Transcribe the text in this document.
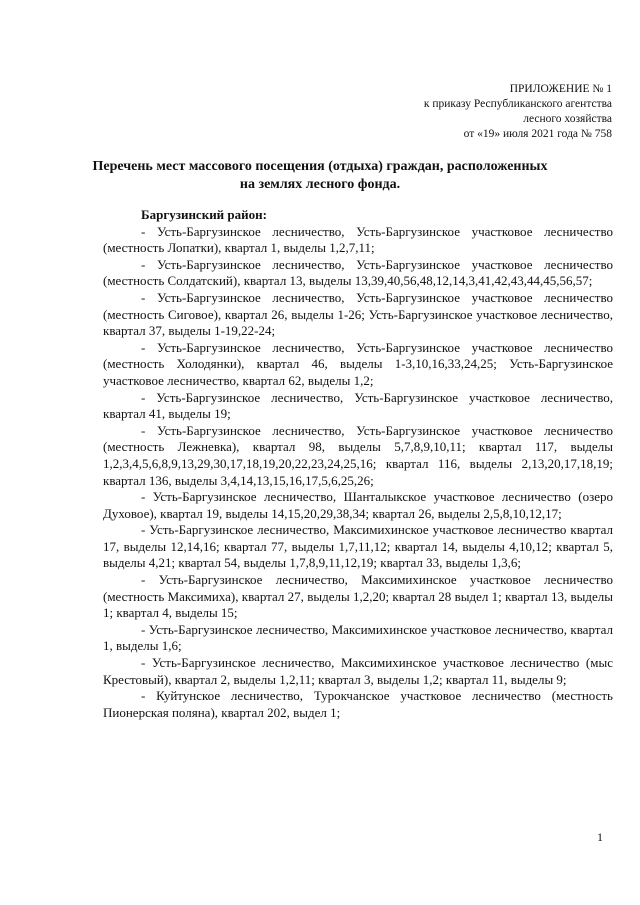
ПРИЛОЖЕНИЕ № 1
к приказу Республиканского агентства
лесного хозяйства
от «19» июля 2021 года № 758
Перечень мест массового посещения (отдыха) граждан, расположенных
на землях лесного фонда.

Баргузинский район:

- Усть-Баргузинское лесничество, Усть-Баргузинское участковое лесничество (местность Лопатки), квартал 1, выделы 1,2,7,11;

- Усть-Баргузинское лесничество, Усть-Баргузинское участковое лесничество (местность Солдатский), квартал 13, выделы 13,39,40,56,48,12,14,3,41,42,43,44,45,56,57;

- Усть-Баргузинское лесничество, Усть-Баргузинское участковое лесничество (местность Сиговое), квартал 26, выделы 1-26; Усть-Баргузинское участковое лесничество, квартал 37, выделы 1-19,22-24;

- Усть-Баргузинское лесничество, Усть-Баргузинское участковое лесничество (местность Холодянки), квартал 46, выделы 1-3,10,16,33,24,25; Усть-Баргузинское участковое лесничество, квартал 62, выделы 1,2;

- Усть-Баргузинское лесничество, Усть-Баргузинское участковое лесничество, квартал 41, выделы 19;

- Усть-Баргузинское лесничество, Усть-Баргузинское участковое лесничество (местность Лежневка), квартал 98, выделы 5,7,8,9,10,11; квартал 117, выделы 1,2,3,4,5,6,8,9,13,29,30,17,18,19,20,22,23,24,25,16; квартал 116, выделы 2,13,20,17,18,19; квартал 136, выделы 3,4,14,13,15,16,17,5,6,25,26;

- Усть-Баргузинское лесничество, Шанталыкское участковое лесничество (озеро Духовое), квартал 19, выделы 14,15,20,29,38,34; квартал 26, выделы 2,5,8,10,12,17;

- Усть-Баргузинское лесничество, Максимихинское участковое лесничество квартал 17, выделы 12,14,16; квартал 77, выделы 1,7,11,12; квартал 14, выделы 4,10,12; квартал 5, выделы 4,21; квартал 54, выделы 1,7,8,9,11,12,19; квартал 33, выделы 1,3,6;

- Усть-Баргузинское лесничество, Максимихинское участковое лесничество (местность Максимиха), квартал 27, выделы 1,2,20; квартал 28 выдел 1; квартал 13, выделы 1; квартал 4, выделы 15;

- Усть-Баргузинское лесничество, Максимихинское участковое лесничество, квартал 1, выделы 1,6;

- Усть-Баргузинское лесничество, Максимихинское участковое лесничество (мыс Крестовый), квартал 2, выделы 1,2,11; квартал 3, выделы 1,2; квартал 11, выделы 9;

- Куйтунское лесничество, Турокчанское участковое лесничество (местность Пионерская поляна), квартал 202, выдел 1;

1
